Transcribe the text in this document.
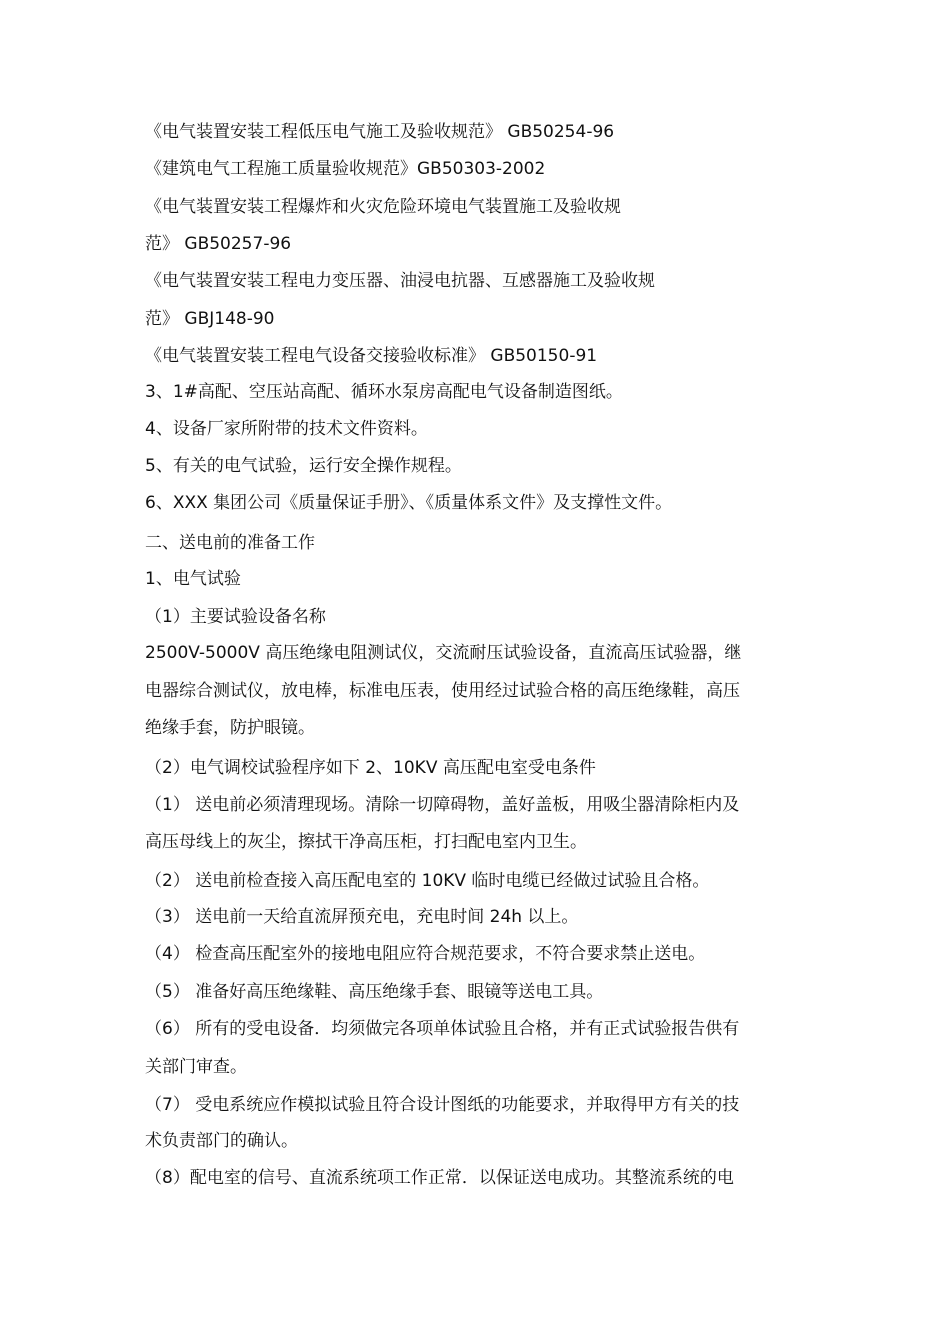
《电气装置安装工程低压电气施工及验收规范》 GB50254-96
《建筑电气工程施工质量验收规范》GB50303-2002
《电气装置安装工程爆炸和火灾危险环境电气装置施工及验收规
范》 GB50257-96
《电气装置安装工程电力变压器、油浸电抗器、互感器施工及验收规
范》 GBJ148-90
《电气装置安装工程电气设备交接验收标准》 GB50150-91
3、1#高配、空压站高配、循环水泵房高配电气设备制造图纸。
4、设备厂家所附带的技术文件资料。
5、有关的电气试验，运行安全操作规程。
6、XXX 集团公司《质量保证手册》、《质量体系文件》及支撑性文件。
二、送电前的准备工作
1、电气试验
（1）主要试验设备名称
2500V-5000V 高压绝缘电阻测试仪，交流耐压试验设备，直流高压试验器，继
电器综合测试仪，放电棒，标准电压表，使用经过试验合格的高压绝缘鞋，高压
绝缘手套，防护眼镜。
（2）电气调校试验程序如下 2、10KV 高压配电室受电条件
（1） 送电前必须清理现场。清除一切障碍物，盖好盖板，用吸尘器清除柜内及
高压母线上的灰尘，擦拭干净高压柜，打扫配电室内卫生。
（2） 送电前检查接入高压配电室的 10KV 临时电缆已经做过试验且合格。
（3） 送电前一天给直流屏预充电，充电时间 24h 以上。
（4） 检查高压配室外的接地电阻应符合规范要求，不符合要求禁止送电。
（5） 准备好高压绝缘鞋、高压绝缘手套、眼镜等送电工具。
（6） 所有的受电设备．均须做完各项单体试验且合格，并有正式试验报告供有
关部门审查。
（7） 受电系统应作模拟试验且符合设计图纸的功能要求，并取得甲方有关的技
术负责部门的确认。
（8）配电室的信号、直流系统项工作正常．以保证送电成功。其整流系统的电
